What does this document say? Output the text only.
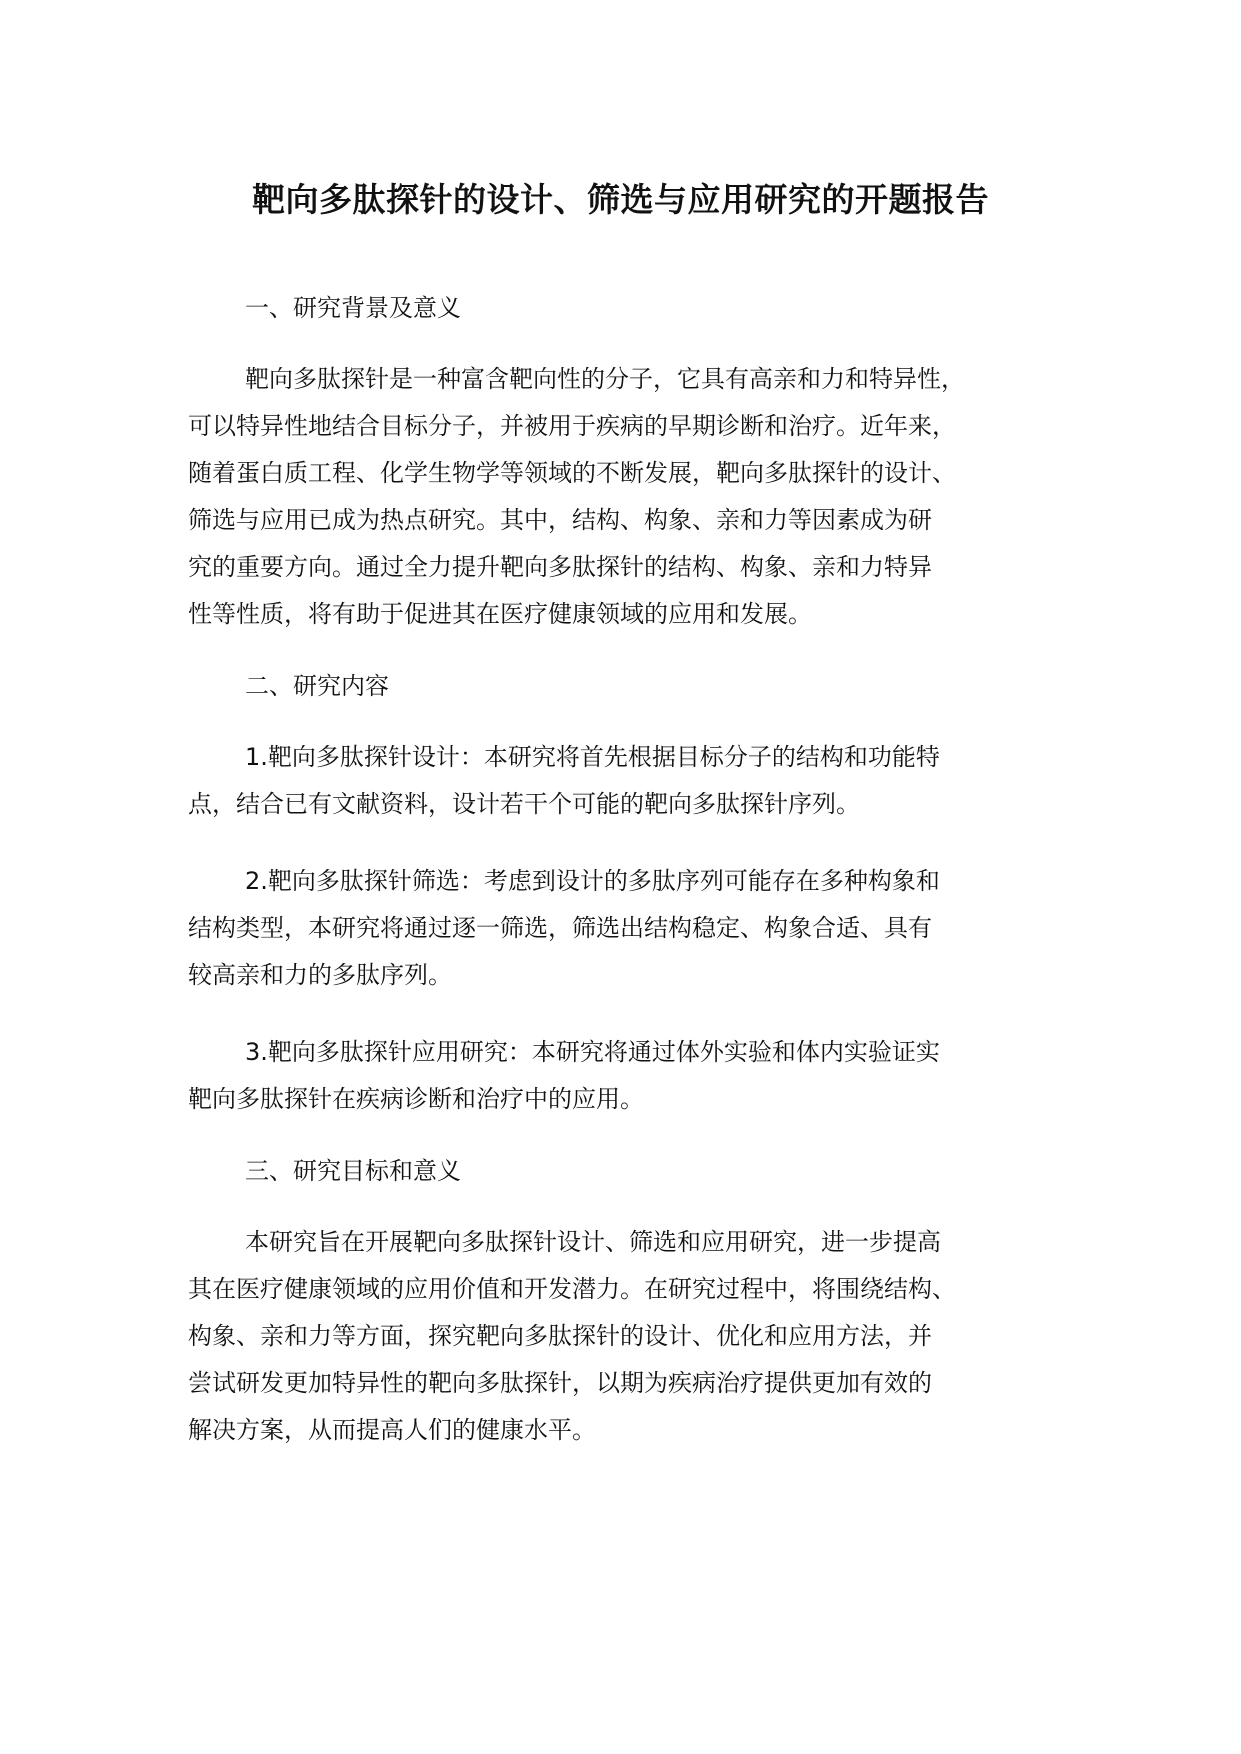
靶向多肽探针的设计、筛选与应用研究的开题报告
一、研究背景及意义

靶向多肽探针是一种富含靶向性的分子，它具有高亲和力和特异性，
可以特异性地结合目标分子，并被用于疾病的早期诊断和治疗。近年来，
随着蛋白质工程、化学生物学等领域的不断发展，靶向多肽探针的设计、
筛选与应用已成为热点研究。其中，结构、构象、亲和力等因素成为研
究的重要方向。通过全力提升靶向多肽探针的结构、构象、亲和力特异
性等性质，将有助于促进其在医疗健康领域的应用和发展。

二、研究内容

1.靶向多肽探针设计：本研究将首先根据目标分子的结构和功能特
点，结合已有文献资料，设计若干个可能的靶向多肽探针序列。

2.靶向多肽探针筛选：考虑到设计的多肽序列可能存在多种构象和
结构类型，本研究将通过逐一筛选，筛选出结构稳定、构象合适、具有
较高亲和力的多肽序列。

3.靶向多肽探针应用研究：本研究将通过体外实验和体内实验证实
靶向多肽探针在疾病诊断和治疗中的应用。

三、研究目标和意义

本研究旨在开展靶向多肽探针设计、筛选和应用研究，进一步提高
其在医疗健康领域的应用价值和开发潜力。在研究过程中，将围绕结构、
构象、亲和力等方面，探究靶向多肽探针的设计、优化和应用方法，并
尝试研发更加特异性的靶向多肽探针，以期为疾病治疗提供更加有效的
解决方案，从而提高人们的健康水平。
